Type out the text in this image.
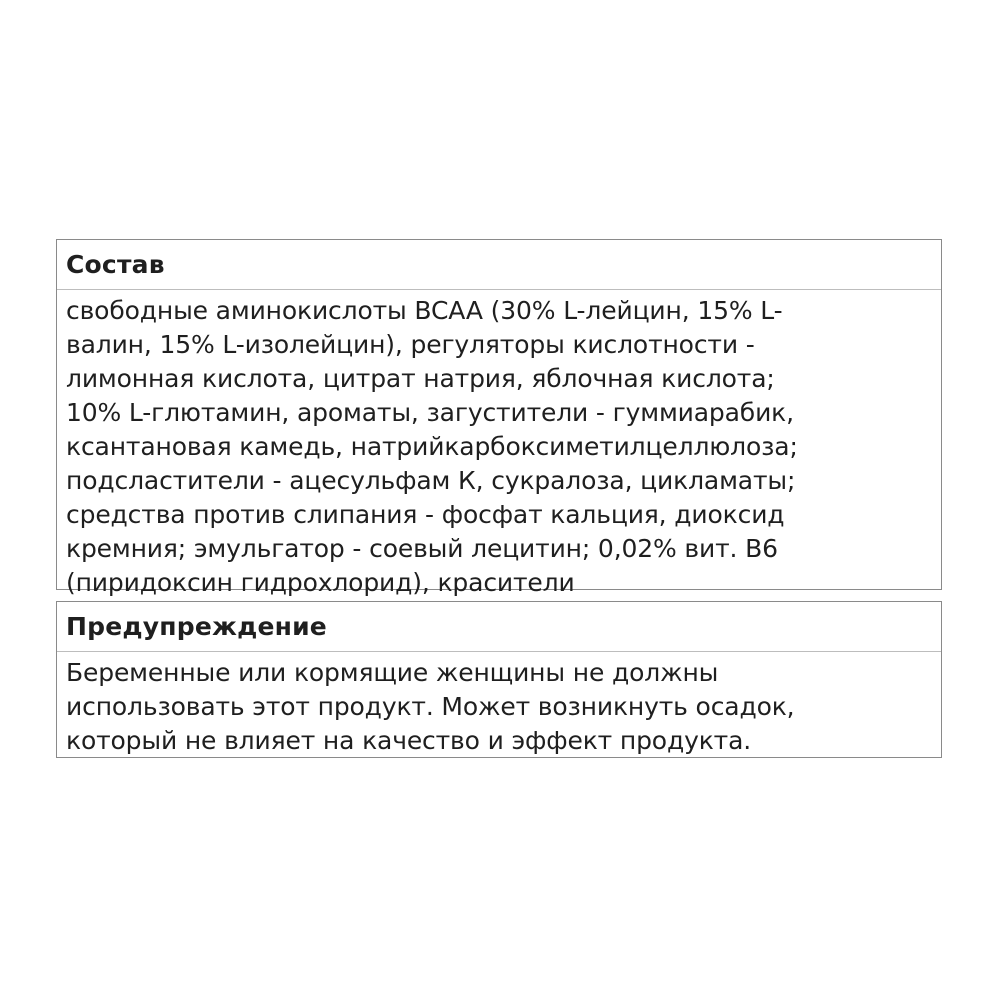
Состав
свободные аминокислоты BCAA (30% L-лейцин, 15% L-
валин, 15% L-изолейцин), регуляторы кислотности -
лимонная кислота, цитрат натрия, яблочная кислота;
10% L-глютамин, ароматы, загустители - гуммиарабик,
ксантановая камедь, натрийкарбоксиметилцеллюлоза;
подсластители - ацесульфам К, сукралоза, цикламаты;
средства против слипания - фосфат кальция, диоксид
кремния; эмульгатор - соевый лецитин; 0,02% вит. B6
(пиридоксин гидрохлорид), красители
Предупреждение
Беременные или кормящие женщины не должны
использовать этот продукт. Может возникнуть осадок,
который не влияет на качество и эффект продукта.
